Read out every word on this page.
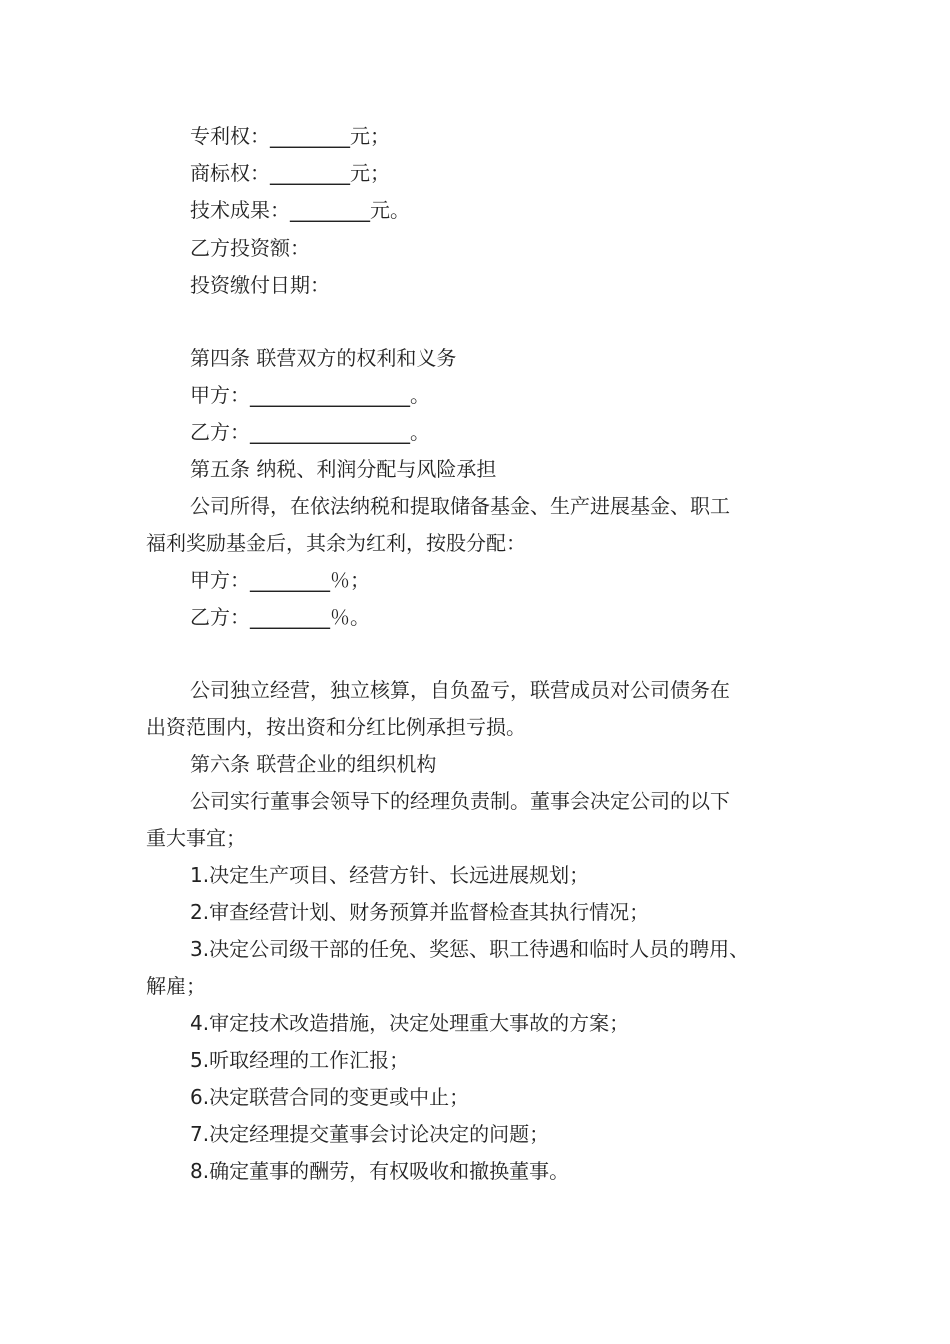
专利权：________元；
商标权：________元；
技术成果：________元。
乙方投资额：
投资缴付日期：
第四条 联营双方的权利和义务
甲方：________________。
乙方：________________。
第五条 纳税、利润分配与风险承担
公司所得，在依法纳税和提取储备基金、生产进展基金、职工
福利奖励基金后，其余为红利，按股分配：
甲方：________％；
乙方：________％。
公司独立经营，独立核算，自负盈亏，联营成员对公司债务在
出资范围内，按出资和分红比例承担亏损。
第六条 联营企业的组织机构
公司实行董事会领导下的经理负责制。董事会决定公司的以下
重大事宜；
1.决定生产项目、经营方针、长远进展规划；
2.审查经营计划、财务预算并监督检查其执行情况；
3.决定公司级干部的任免、奖惩、职工待遇和临时人员的聘用、
解雇；
4.审定技术改造措施，决定处理重大事故的方案；
5.听取经理的工作汇报；
6.决定联营合同的变更或中止；
7.决定经理提交董事会讨论决定的问题；
8.确定董事的酬劳，有权吸收和撤换董事。
